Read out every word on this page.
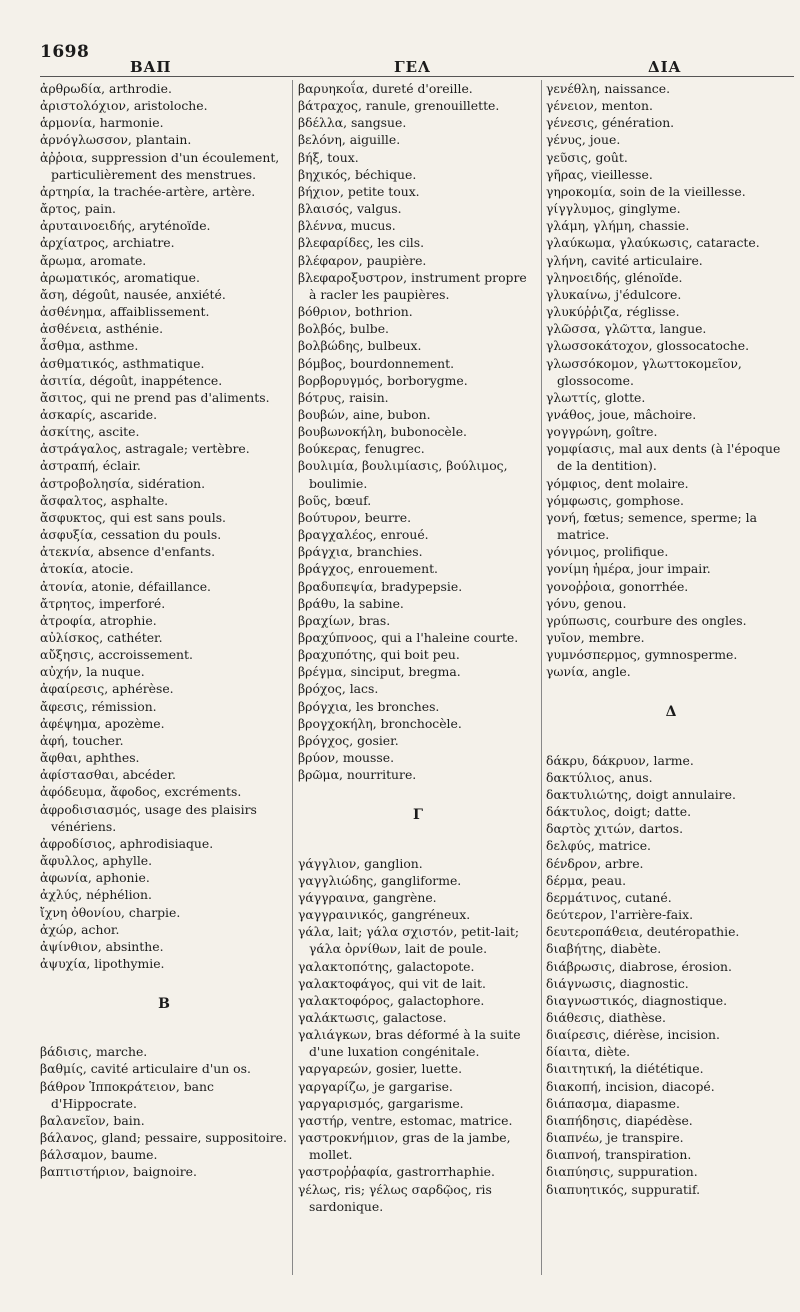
1698
ΒΑΠ	ΓΕΛ	ΔΙΑ

ἀρθρωδία, arthrodie.

ἀριστολόχιον, aristoloche.

ἁρμονία, harmonie.

ἀρνόγλωσσον, plantain.

ἀῤῥοια, suppression d'un écoulement, particulièrement des menstrues.

ἀρτηρία, la trachée-artère, artère.

ἄρτος, pain.

ἀρυταινοειδής, aryténoïde.

ἀρχίατρος, archiatre.

ἄρωμα, aromate.

ἀρωματικός, aromatique.

ἄση, dégoût, nausée, anxiété.

ἀσθένημα, affaiblissement.

ἀσθένεια, asthénie.

ἆσθμα, asthme.

ἀσθματικός, asthmatique.

ἀσιτία, dégoût, inappétence.

ἄσιτος, qui ne prend pas d'aliments.

ἀσκαρίς, ascaride.

ἀσκίτης, ascite.

ἀστράγαλος, astragale; vertèbre.

ἀστραπή, éclair.

ἀστροβολησία, sidération.

ἄσφαλτος, asphalte.

ἄσφυκτος, qui est sans pouls.

ἀσφυξία, cessation du pouls.

ἀτεκνία, absence d'enfants.

ἀτοκία, atocie.

ἀτονία, atonie, défaillance.

ἄτρητος, imperforé.

ἀτροφία, atrophie.

αὐλίσκος, cathéter.

αὔξησις, accroissement.

αὐχήν, la nuque.

ἀφαίρεσις, aphérèse.

ἄφεσις, rémission.

ἀφέψημα, apozème.

ἀφή, toucher.

ἄφθαι, aphthes.

ἀφίστασθαι, abcéder.

ἀφόδευμα, ἄφοδος, excréments.

ἀφροδισιασμός, usage des plaisirs vénériens.

ἀφροδίσιος, aphrodisiaque.

ἄφυλλος, aphylle.

ἀφωνία, aphonie.

ἀχλύς, néphélion.

ἴχνη ὀθονίου, charpie.

ἀχώρ, achor.

ἀψίνθιον, absinthe.

ἀψυχία, lipothymie.

Β

βάδισις, marche.

βαθμίς, cavité articulaire d'un os.

βάθρον Ἱπποκράτειον, banc d'Hippocrate.

βαλανεῖον, bain.

βάλανος, gland; pessaire, suppositoire.

βάλσαμον, baume.

βαπτιστήριον, baignoire.

βαρυηκοΐα, dureté d'oreille.

βάτραχος, ranule, grenouillette.

βδέλλα, sangsue.

βελόνη, aiguille.

βήξ, toux.

βηχικός, béchique.

βήχιον, petite toux.

βλαισός, valgus.

βλέννα, mucus.

βλεφαρίδες, les cils.

βλέφαρον, paupière.

βλεφαροξυστρον, instrument propre à racler les paupières.

βόθριον, bothrion.

βολβός, bulbe.

βολβώδης, bulbeux.

βόμβος, bourdonnement.

βορβορυγμός, borborygme.

βότρυς, raisin.

βουβών, aine, bubon.

βουβωνοκήλη, bubonocèle.

βούκερας, fenugrec.

βουλιμία, βουλιμίασις, βούλιμος, boulimie.

βοῦς, bœuf.

βούτυρον, beurre.

βραγχαλέος, enroué.

βράγχια, branchies.

βράγχος, enrouement.

βραδυπεψία, bradypepsie.

βράθυ, la sabine.

βραχίων, bras.

βραχύπνοος, qui a l'haleine courte.

βραχυπότης, qui boit peu.

βρέγμα, sinciput, bregma.

βρόχος, lacs.

βρόγχια, les bronches.

βρογχοκήλη, bronchocèle.

βρόγχος, gosier.

βρύον, mousse.

βρῶμα, nourriture.

Γ

γάγγλιον, ganglion.

γαγγλιώδης, gangliforme.

γάγγραινα, gangrène.

γαγγραινικός, gangréneux.

γάλα, lait; γάλα σχιστόν, petit-lait; γάλα ὀρνίθων, lait de poule.

γαλακτοπότης, galactopote.

γαλακτοφάγος, qui vit de lait.

γαλακτοφόρος, galactophore.

γαλάκτωσις, galactose.

γαλιάγκων, bras déformé à la suite d'une luxation congénitale.

γαργαρεών, gosier, luette.

γαργαρίζω, je gargarise.

γαργαρισμός, gargarisme.

γαστήρ, ventre, estomac, matrice.

γαστροκνήμιον, gras de la jambe, mollet.

γαστροῤῥαφία, gastrorrhaphie.

γέλως, ris; γέλως σαρδῷος, ris sardonique.

γενέθλη, naissance.

γένειον, menton.

γένεσις, génération.

γένυς, joue.

γεῦσις, goût.

γῆρας, vieillesse.

γηροκομία, soin de la vieillesse.

γίγγλυμος, ginglyme.

γλάμη, γλήμη, chassie.

γλαύκωμα, γλαύκωσις, cataracte.

γλήνη, cavité articulaire.

γληνοειδής, glénoïde.

γλυκαίνω, j'édulcore.

γλυκύῤῥιζα, réglisse.

γλῶσσα, γλῶττα, langue.

γλωσσοκάτοχον, glossocatoche.

γλωσσόκομον, γλωττοκομεῖον, glossocome.

γλωττίς, glotte.

γνάθος, joue, mâchoire.

γογγρώνη, goître.

γομφίασις, mal aux dents (à l'époque de la dentition).

γόμφιος, dent molaire.

γόμφωσις, gomphose.

γονή, fœtus; semence, sperme; la matrice.

γόνιμος, prolifique.

γονίμη ἡμέρα, jour impair.

γονοῤῥοια, gonorrhée.

γόνυ, genou.

γρύπωσις, courbure des ongles.

γυῖον, membre.

γυμνόσπερμος, gymnosperme.

γωνία, angle.

Δ

δάκρυ, δάκρυον, larme.

δακτύλιος, anus.

δακτυλιώτης, doigt annulaire.

δάκτυλος, doigt; datte.

δαρτὸς χιτών, dartos.

δελφύς, matrice.

δένδρον, arbre.

δέρμα, peau.

δερμάτινος, cutané.

δεύτερον, l'arrière-faix.

δευτεροπάθεια, deutéropathie.

διαβήτης, diabète.

διάβρωσις, diabrose, érosion.

διάγνωσις, diagnostic.

διαγνωστικός, diagnostique.

διάθεσις, diathèse.

διαίρεσις, diérèse, incision.

δίαιτα, diète.

διαιτητική, la diététique.

διακοπή, incision, diacopé.

διάπασμα, diapasme.

διαπήδησις, diapédèse.

διαπνέω, je transpire.

διαπνοή, transpiration.

διαπύησις, suppuration.

διαπυητικός, suppuratif.
